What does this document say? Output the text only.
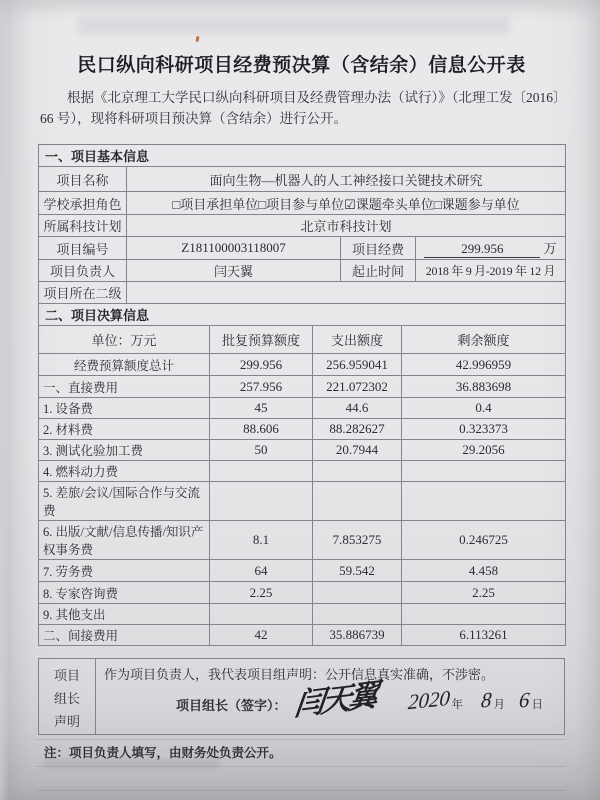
民口纵向科研项目经费预决算（含结余）信息公开表

根据《北京理工大学民口纵向科研项目及经费管理办法（试行）》（北理工发〔2016〕66 号），现将科研项目预决算（含结余）进行公开。

一、项目基本信息			
项目名称	面向生物—机器人的人工神经接口关键技术研究		
学校承担角色	□项目承担单位□项目参与单位☑课题牵头单位□课题参与单位		
所属科技计划	北京市科技计划		
项目编号	Z181100003118007	项目经费	299.956 万
项目负责人	闫天翼	起止时间	2018 年 9 月-2019 年 12 月
项目所在二级			
二、项目决算信息			
单位：万元	批复预算额度	支出额度	剩余额度
经费预算额度总计	299.956	256.959041	42.996959
一、直接费用	257.956	221.072302	36.883698
1. 设备费	45	44.6	0.4
2. 材料费	88.606	88.282627	0.323373
3. 测试化验加工费	50	20.7944	29.2056
4. 燃料动力费			
5. 差旅/会议/国际合作与交流费			
6. 出版/文献/信息传播/知识产权事务费	8.1	7.853275	0.246725
7. 劳务费	64	59.542	4.458
8. 专家咨询费	2.25		2.25
9. 其他支出			
二、间接费用	42	35.886739	6.113261
项目
组长
声明

作为项目负责人，我代表项目组声明：公开信息真实准确，不涉密。
项目组长（签字）： 闫天翼 2020 年 8 月 6 日

注：项目负责人填写，由财务处负责公开。
